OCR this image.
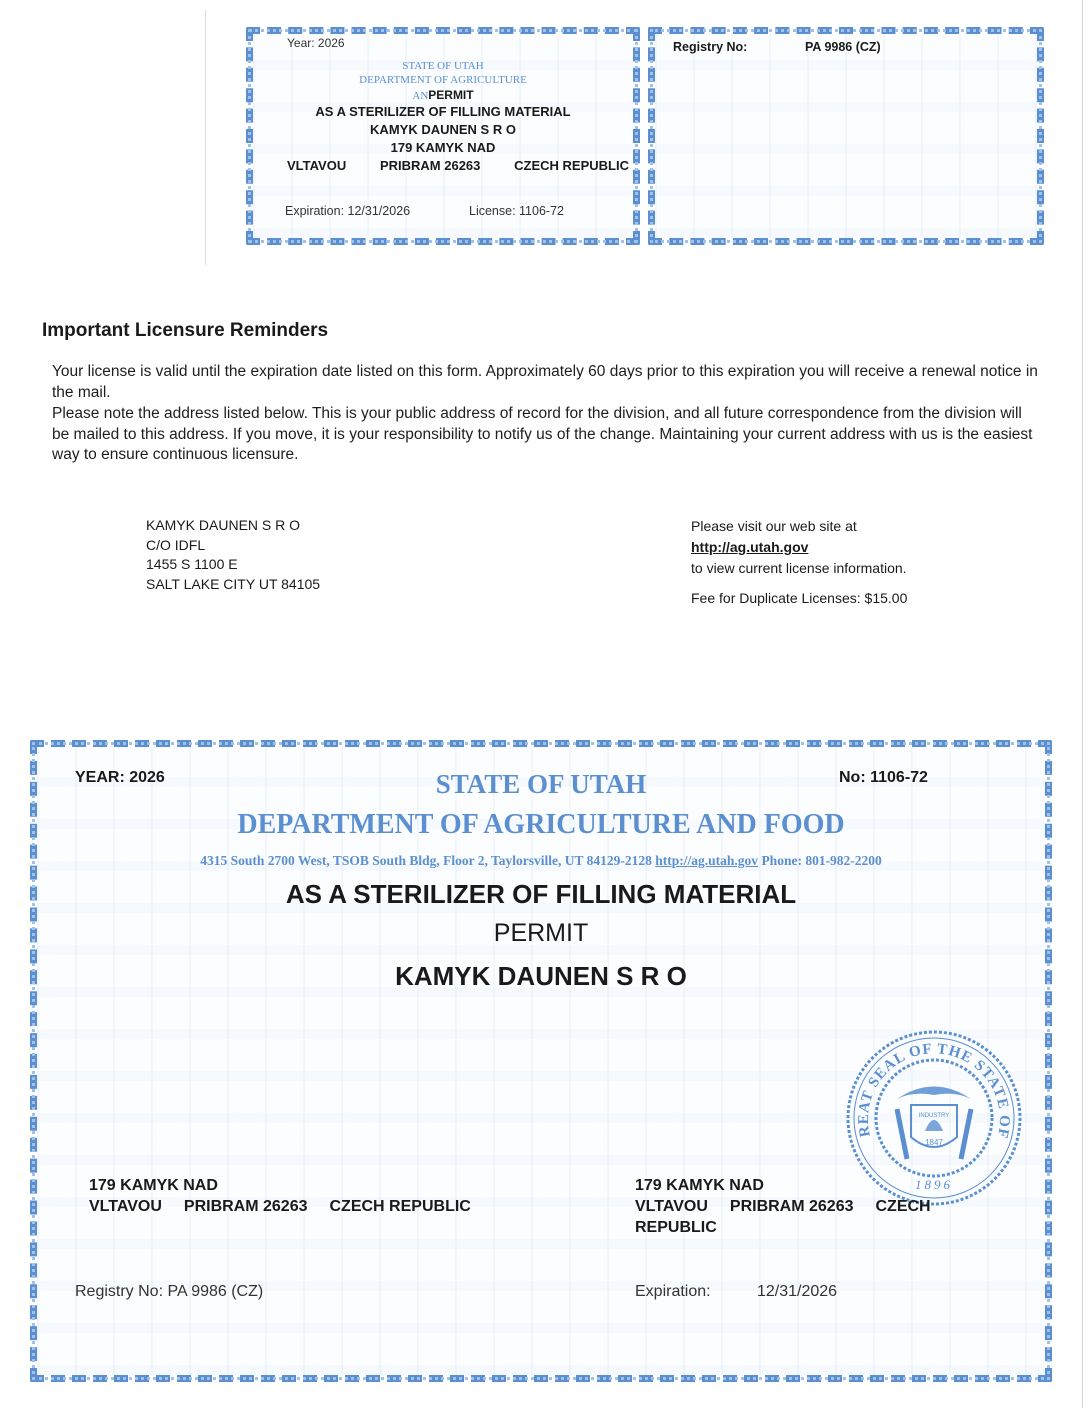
Year: 2026
STATE OF UTAH
DEPARTMENT OF AGRICULTURE
ANPERMIT
AS A STERILIZER OF FILLING MATERIAL
KAMYK DAUNEN S R O
179 KAMYK NAD
VLTAVOU	PRIBRAM 26263	CZECH REPUBLIC
Expiration: 12/31/2026	License: 1106-72
Registry No:	PA 9986 (CZ)
Important Licensure Reminders
Your license is valid until the expiration date listed on this form. Approximately 60 days prior to this expiration you will receive a renewal notice in the mail.
Please note the address listed below. This is your public address of record for the division, and all future correspondence from the division will be mailed to this address. If you move, it is your responsibility to notify us of the change. Maintaining your current address with us is the easiest way to ensure continuous licensure.
KAMYK DAUNEN S R O
C/O IDFL
1455 S 1100 E
SALT LAKE CITY UT 84105
Please visit our web site at
http://ag.utah.gov
to view current license information.
Fee for Duplicate Licenses: $15.00
YEAR: 2026	No: 1106-72
STATE OF UTAH
DEPARTMENT OF AGRICULTURE AND FOOD
4315 South 2700 West, TSOB South Bldg, Floor 2, Taylorsville, UT 84129-2128 http://ag.utah.gov Phone: 801-982-2200
AS A STERILIZER OF FILLING MATERIAL
PERMIT
KAMYK DAUNEN S R O
REAT SEAL OF THE STATE OF
INDUSTRY
1847
1896
179 KAMYK NAD
VLTAVOU PRIBRAM 26263 CZECH REPUBLIC
179 KAMYK NAD
VLTAVOU PRIBRAM 26263 CZECH
REPUBLIC
Registry No: PA 9986 (CZ)	Expiration:	12/31/2026
